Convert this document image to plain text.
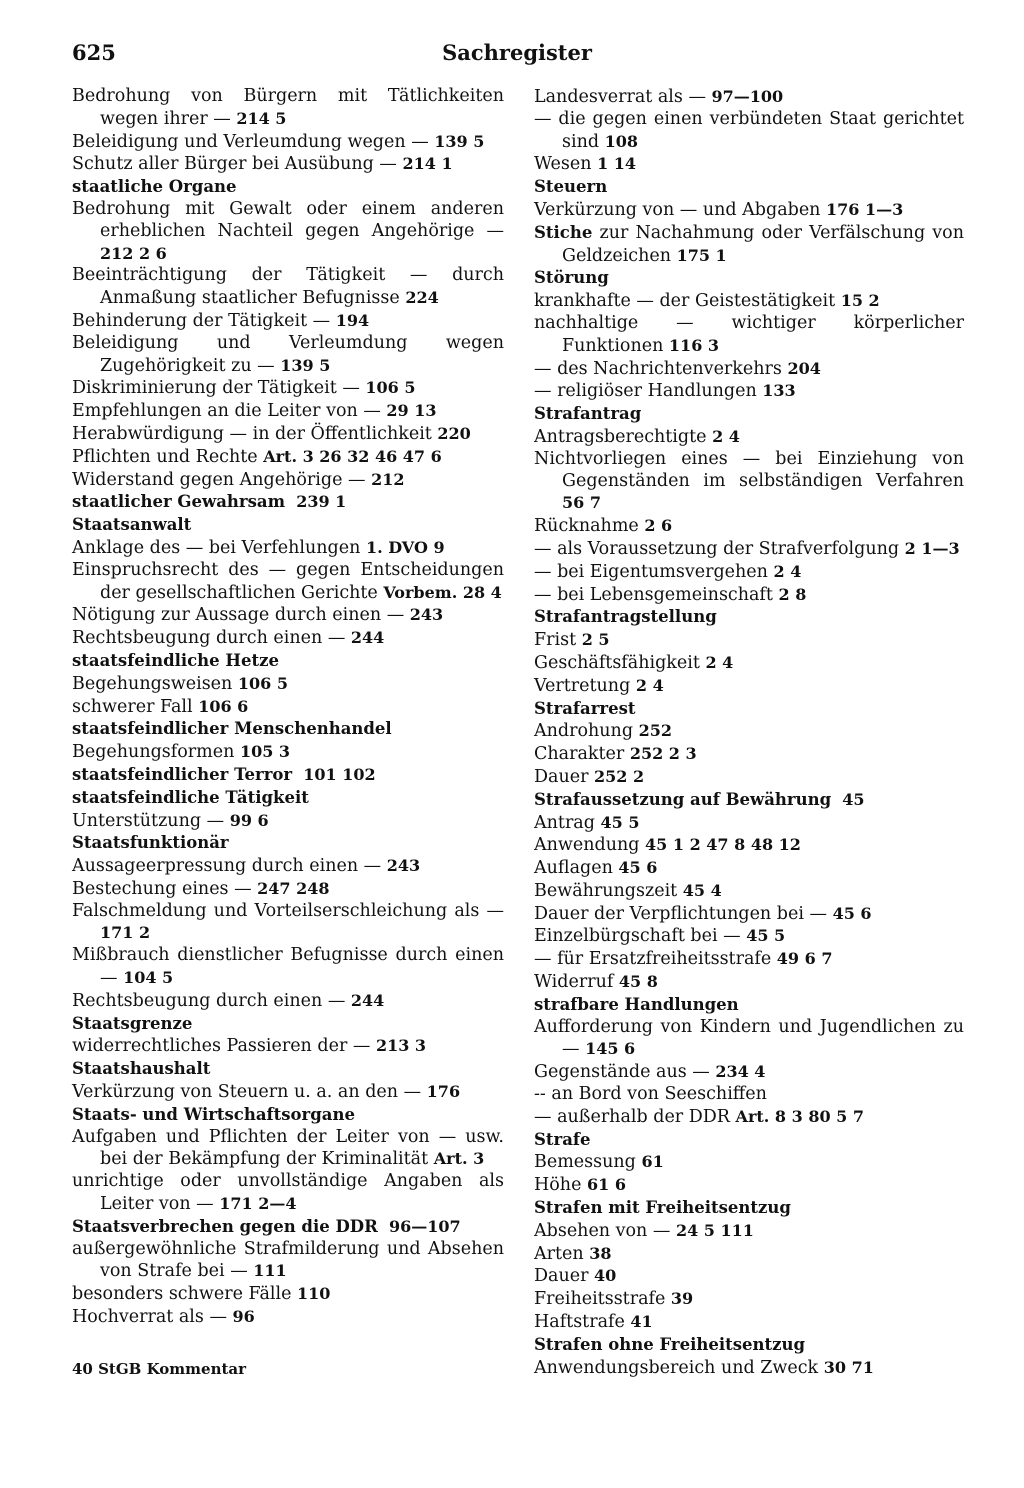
625	Sachregister
Bedrohung von Bürgern mit Tätlichkeiten wegen ihrer — 214 5
Beleidigung und Verleumdung wegen — 139 5
Schutz aller Bürger bei Ausübung — 214 1
staatliche Organe
Bedrohung mit Gewalt oder einem anderen erheblichen Nachteil gegen Angehörige — 212 2 6
Beeinträchtigung der Tätigkeit — durch Anmaßung staatlicher Befugnisse 224
Behinderung der Tätigkeit — 194
Beleidigung und Verleumdung wegen Zugehörigkeit zu — 139 5
Diskriminierung der Tätigkeit — 106 5
Empfehlungen an die Leiter von — 29 13
Herabwürdigung — in der Öffentlichkeit 220
Pflichten und Rechte Art. 3 26 32 46 47 6
Widerstand gegen Angehörige — 212
staatlicher Gewahrsam 239 1
Staatsanwalt
Anklage des — bei Verfehlungen 1. DVO 9
Einspruchsrecht des — gegen Entscheidungen der gesellschaftlichen Gerichte Vorbem. 28 4
Nötigung zur Aussage durch einen — 243
Rechtsbeugung durch einen — 244
staatsfeindliche Hetze
Begehungsweisen 106 5
schwerer Fall 106 6
staatsfeindlicher Menschenhandel
Begehungsformen 105 3
staatsfeindlicher Terror 101 102
staatsfeindliche Tätigkeit
Unterstützung — 99 6
Staatsfunktionär
Aussageerpressung durch einen — 243
Bestechung eines — 247 248
Falschmeldung und Vorteilserschleichung als — 171 2
Mißbrauch dienstlicher Befugnisse durch einen — 104 5
Rechtsbeugung durch einen — 244
Staatsgrenze
widerrechtliches Passieren der — 213 3
Staatshaushalt
Verkürzung von Steuern u. a. an den — 176
Staats- und Wirtschaftsorgane
Aufgaben und Pflichten der Leiter von — usw. bei der Bekämpfung der Kriminalität Art. 3
unrichtige oder unvollständige Angaben als Leiter von — 171 2—4
Staatsverbrechen gegen die DDR 96—107
außergewöhnliche Strafmilderung und Absehen von Strafe bei — 111
besonders schwere Fälle 110
Hochverrat als — 96
Landesverrat als — 97—100
— die gegen einen verbündeten Staat gerichtet sind 108
Wesen 1 14
Steuern
Verkürzung von — und Abgaben 176 1—3
Stiche zur Nachahmung oder Verfälschung von Geldzeichen 175 1
Störung
krankhafte — der Geistestätigkeit 15 2
nachhaltige — wichtiger körperlicher Funktionen 116 3
— des Nachrichtenverkehrs 204
— religiöser Handlungen 133
Strafantrag
Antragsberechtigte 2 4
Nichtvorliegen eines — bei Einziehung von Gegenständen im selbständigen Verfahren 56 7
Rücknahme 2 6
— als Voraussetzung der Strafverfolgung 2 1—3
— bei Eigentumsvergehen 2 4
— bei Lebensgemeinschaft 2 8
Strafantragstellung
Frist 2 5
Geschäftsfähigkeit 2 4
Vertretung 2 4
Strafarrest
Androhung 252
Charakter 252 2 3
Dauer 252 2
Strafaussetzung auf Bewährung 45
Antrag 45 5
Anwendung 45 1 2 47 8 48 12
Auflagen 45 6
Bewährungszeit 45 4
Dauer der Verpflichtungen bei — 45 6
Einzelbürgschaft bei — 45 5
— für Ersatzfreiheitsstrafe 49 6 7
Widerruf 45 8
strafbare Handlungen
Aufforderung von Kindern und Jugendlichen zu — 145 6
Gegenstände aus — 234 4
-- an Bord von Seeschiffen
— außerhalb der DDR Art. 8 3 80 5 7
Strafe
Bemessung 61
Höhe 61 6
Strafen mit Freiheitsentzug
Absehen von — 24 5 111
Arten 38
Dauer 40
Freiheitsstrafe 39
Haftstrafe 41
Strafen ohne Freiheitsentzug
Anwendungsbereich und Zweck 30 71
40 StGB Kommentar
